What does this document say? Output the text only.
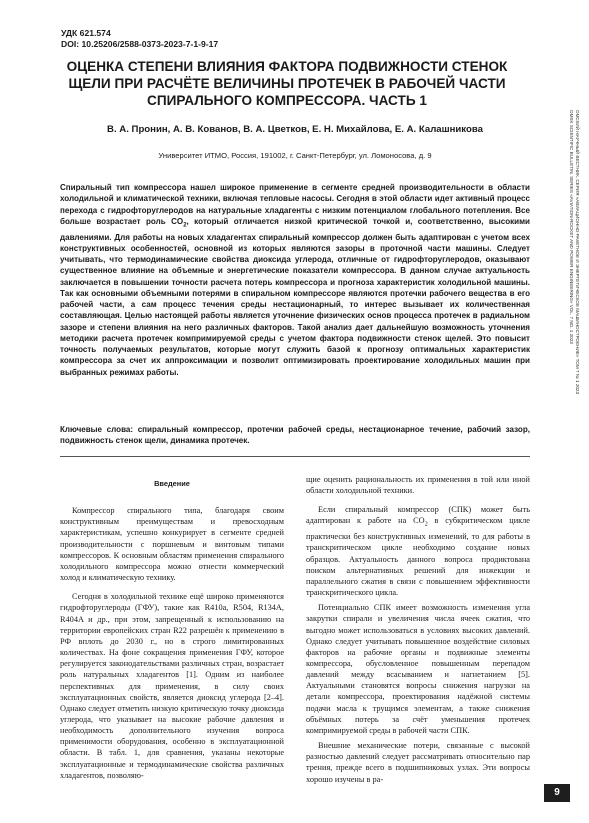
УДК 621.574
DOI: 10.25206/2588-0373-2023-7-1-9-17
ОЦЕНКА СТЕПЕНИ ВЛИЯНИЯ ФАКТОРА ПОДВИЖНОСТИ СТЕНОК ЩЕЛИ ПРИ РАСЧЁТЕ ВЕЛИЧИНЫ ПРОТЕЧЕК В РАБОЧЕЙ ЧАСТИ СПИРАЛЬНОГО КОМПРЕССОРА. ЧАСТЬ 1
В. А. Пронин, А. В. Кованов, В. А. Цветков, Е. Н. Михайлова, Е. А. Калашникова
Университет ИТМО, Россия, 191002, г. Санкт-Петербург, ул. Ломоносова, д. 9
Спиральный тип компрессора нашел широкое применение в сегменте средней производительности в области холодильной и климатической техники, включая тепловые насосы. Сегодня в этой области идет активный процесс перехода с гидрофторуглеродов на натуральные хладагенты с низким потенциалом глобального потепления. Все больше возрастает роль $CO_2$, который отличается низкой критической точкой и, соответственно, высокими давлениями. Для работы на новых хладагентах спиральный компрессор должен быть адаптирован с учетом всех конструктивных особенностей, основной из которых являются зазоры в проточной части машины. Следует учитывать, что термодинамические свойства диоксида углерода, отличные от гидрофторуглеродов, оказывают существенное влияние на объемные и энергетические показатели компрессора. В данном случае актуальность заключается в повышении точности расчета потерь компрессора и прогноза характеристик холодильной машины. Так как основными объемными потерями в спиральном компрессоре являются протечки рабочего вещества в его рабочей части, а сам процесс течения среды нестационарный, то интерес вызывает их количественная составляющая. Целью настоящей работы является уточнение физических основ процесса протечек в радиальном зазоре и степени влияния на него различных факторов. Такой анализ дает дальнейшую возможность уточнения методики расчета протечек компримируемой среды с учетом фактора подвижности стенок щелей. Это повысит точность получаемых результатов, которые могут служить базой к прогнозу оптимальных характеристик компрессора за счет их аппроксимации и позволит оптимизировать проектирование холодильных машин при выбранных режимах работы.
Ключевые слова: спиральный компрессор, протечки рабочей среды, нестационарное течение, рабочий зазор, подвижность стенок щели, динамика протечек.
Введение

Компрессор спирального типа, благодаря своим конструктивным преимуществам и превосходным характеристикам, успешно конкурирует в сегменте средней производительности с поршневым и винтовым типами компрессоров. К основным областям применения спирального холодильного компрессора можно отнести коммерческий холод и климатическую технику.

Сегодня в холодильной технике ещё широко применяются гидрофторуглероды (ГФУ), такие как R410a, R504, R134A, R404A и др., при этом, запрещенный к использованию на территории европейских стран R22 разрешён к применению в РФ вплоть до 2030 г., но в строго лимитированных количествах. На фоне сокращения применения ГФУ, которое регулируется законодательствами различных стран, возрастает роль натуральных хладагентов [1]. Одним из наиболее перспективных для применения, в силу своих эксплуатационных свойств, является диоксид углерода [2–4]. Однако следует отметить низкую критическую точку диоксида углерода, что указывает на высокие рабочие давления и необходимость дополнительного изучения вопроса применимости оборудования, особенно в эксплуатационной области. В табл. 1, для сравнения, указаны некоторые эксплуатационные и термодинамические свойства различных хладагентов, позволяю-

щие оценить рациональность их применения в той или иной области холодильной техники.

Если спиральный компрессор (СПК) может быть адаптирован к работе на $CO_2$ в субкритическом цикле практически без конструктивных изменений, то для работы в транскритическом цикле необходимо создание новых образцов. Актуальность данного вопроса продиктована поиском альтернативных решений для инжекции и параллельного сжатия в связи с повышением эффективности транскритического цикла.

Потенциально СПК имеет возможность изменения угла закрутки спирали и увеличения числа ячеек сжатия, что выгодно может использоваться в условиях высоких давлений. Однако следует учитывать повышенное воздействие силовых факторов на рабочие органы и подвижные элементы компрессора, обусловленное повышенным перепадом давлений между всасыванием и нагнетанием [5]. Актуальными становятся вопросы снижения нагрузки на детали компрессора, проектирования надёжной системы подачи масла к трущимся элементам, а также снижения объёмных потерь за счёт уменьшения протечек компримируемой среды в рабочей части СПК.

Внешние механические потери, связанные с высокой разностью давлений следует рассматривать относительно пар трения, прежде всего в подшипниковых узлах. Эти вопросы хорошо изучены в ра-

ОМСКИЙ НАУЧНЫЙ ВЕСТНИК. СЕРИЯ «АВИАЦИОННО-РАКЕТНОЕ И ЭНЕРГЕТИЧЕСКОЕ МАШИНОСТРОЕНИЕ» ТОМ 7 № 1 2023
OMSK SCIENTIFIC BULLETIN. SERIES «AVIATION-ROCKET AND POWER ENGINEERING» VOL. 7 NO. 1 2023
9
